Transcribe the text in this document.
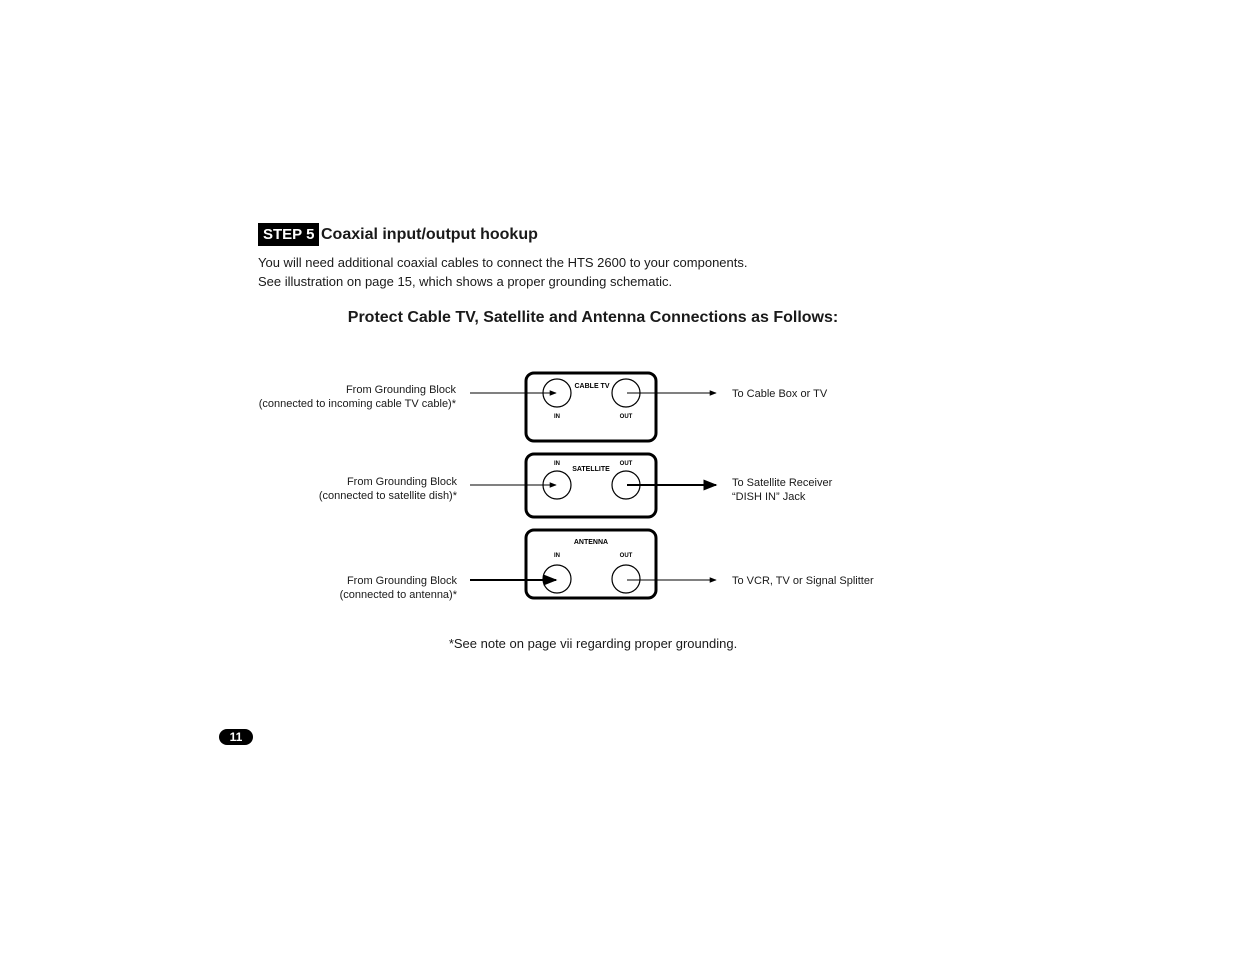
STEP 5 Coaxial input/output hookup
You will need additional coaxial cables to connect the HTS 2600 to your components.
See illustration on page 15, which shows a proper grounding schematic.
Protect Cable TV, Satellite and Antenna Connections as Follows:
CABLE TV
IN	OUT
SATELLITE
IN	OUT
ANTENNA
IN	OUT
From Grounding Block
(connected to incoming cable TV cable)*
From Grounding Block
(connected to satellite dish)*
From Grounding Block
(connected to antenna)*
To Cable Box or TV
To Satellite Receiver
“DISH IN” Jack
To VCR, TV or Signal Splitter
*See note on page vii regarding proper grounding.
11
